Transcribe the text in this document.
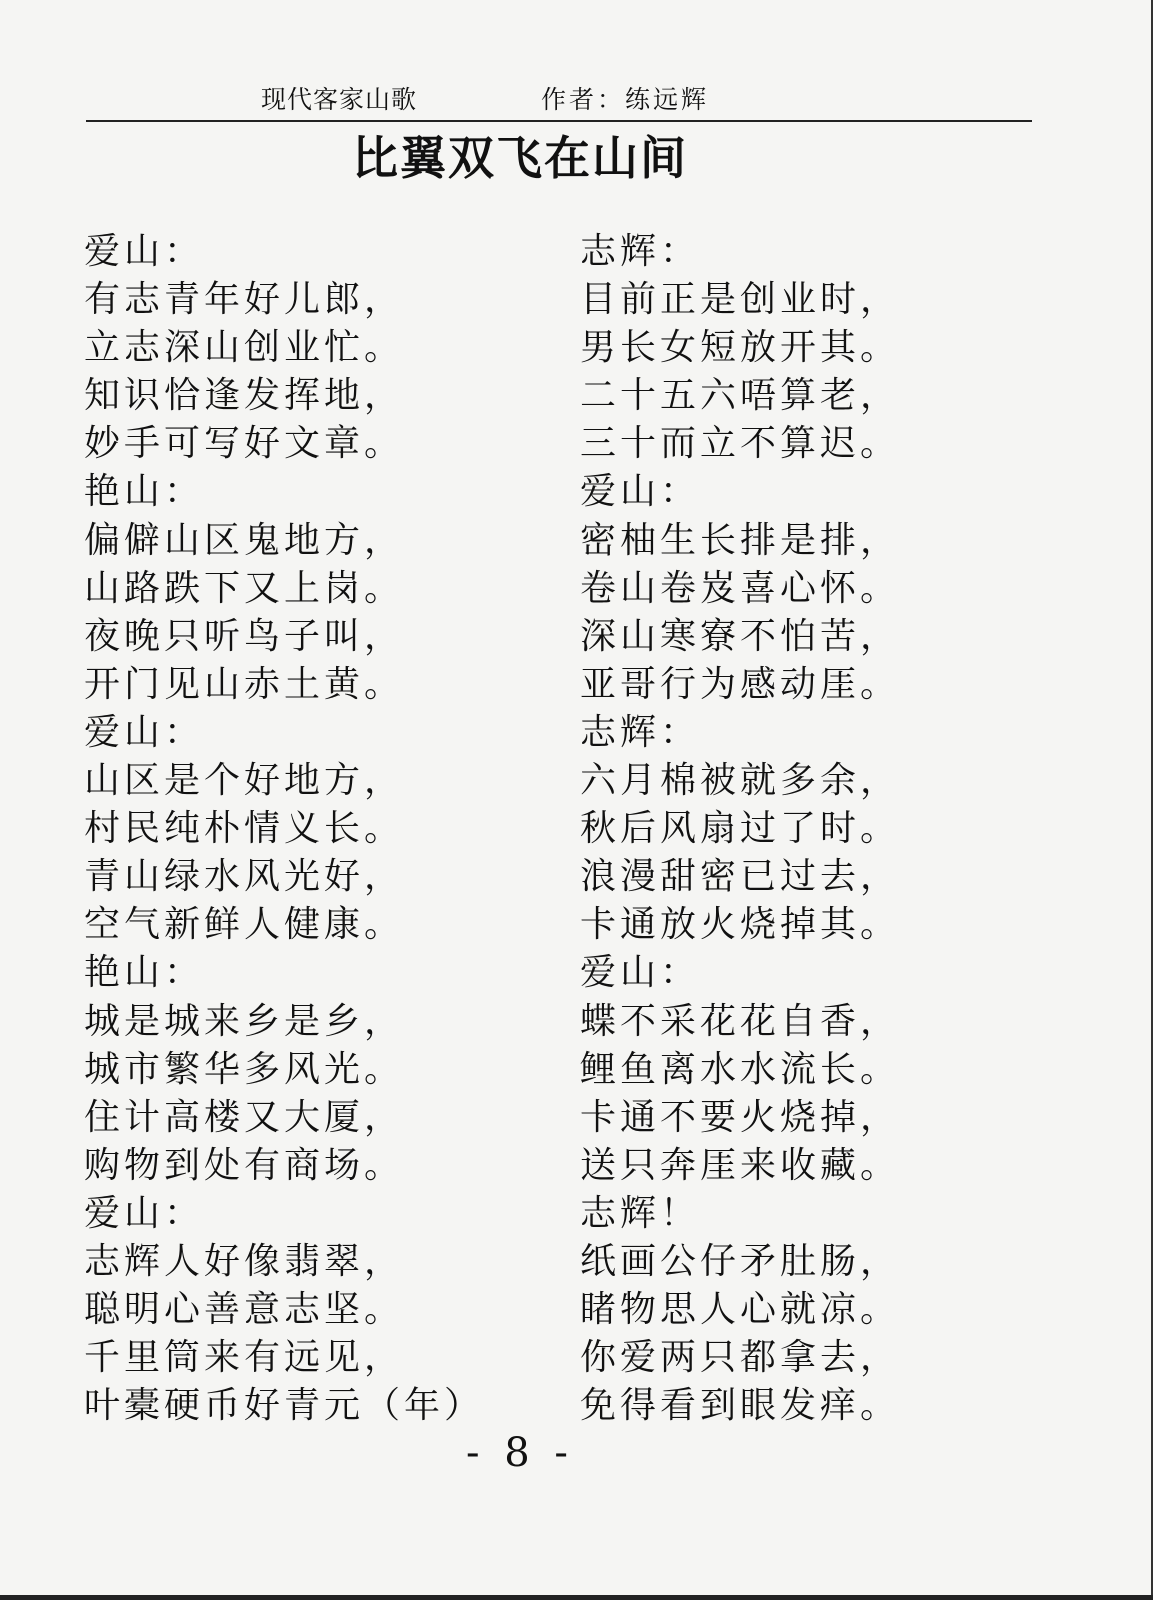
现代客家山歌	作者：练远辉
比翼双飞在山间
爱山：
有志青年好儿郎，
立志深山创业忙。
知识恰逢发挥地，
妙手可写好文章。
艳山：
偏僻山区鬼地方，
山路跌下又上岗。
夜晚只听鸟子叫，
开门见山赤土黄。
爱山：
山区是个好地方，
村民纯朴情义长。
青山绿水风光好，
空气新鲜人健康。
艳山：
城是城来乡是乡，
城市繁华多风光。
住计高楼又大厦，
购物到处有商场。
爱山：
志辉人好像翡翠，
聪明心善意志坚。
千里筒来有远见，
叶橐硬币好青元（年）
志辉：
目前正是创业时，
男长女短放开其。
二十五六唔算老，
三十而立不算迟。
爱山：
密柚生长排是排，
卷山卷岌喜心怀。
深山寒寮不怕苦，
亚哥行为感动厓。
志辉：
六月棉被就多余，
秋后风扇过了时。
浪漫甜密已过去，
卡通放火烧掉其。
爱山：
蝶不采花花自香，
鲤鱼离水水流长。
卡通不要火烧掉，
送只奔厓来收藏。
志辉！
纸画公仔矛肚肠，
睹物思人心就凉。
你爱两只都拿去，
免得看到眼发痒。
- 8 -
